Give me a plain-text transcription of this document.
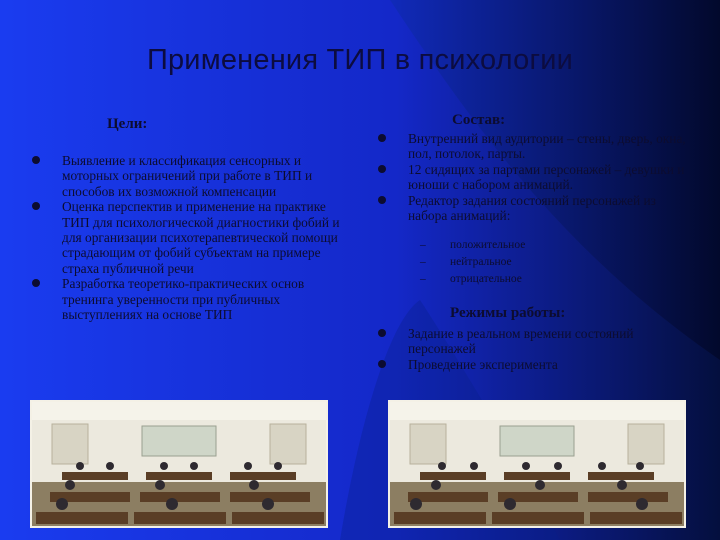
Применения ТИП в психологии
Цели:
Выявление и классификация сенсорных и моторных ограничений при работе в ТИП и способов их возможной компенсации
Оценка перспектив и применение на практике ТИП для психологической диагностики фобий и для организации психотерапевтической помощи страдающим от фобий субъектам на примере страха публичной речи
Разработка теоретико-практических основ тренинга уверенности при публичных выступлениях на основе ТИП
Состав:
Внутренний вид аудитории – стены, дверь, окна, пол, потолок, парты.
12 сидящих за партами персонажей – девушки и юноши с набором анимаций.
Редактор задания состояний персонажей из набора анимаций:
– положительное
– нейтральное
– отрицательное
Режимы работы:
Задание в реальном времени состояний персонажей
Проведение эксперимента
